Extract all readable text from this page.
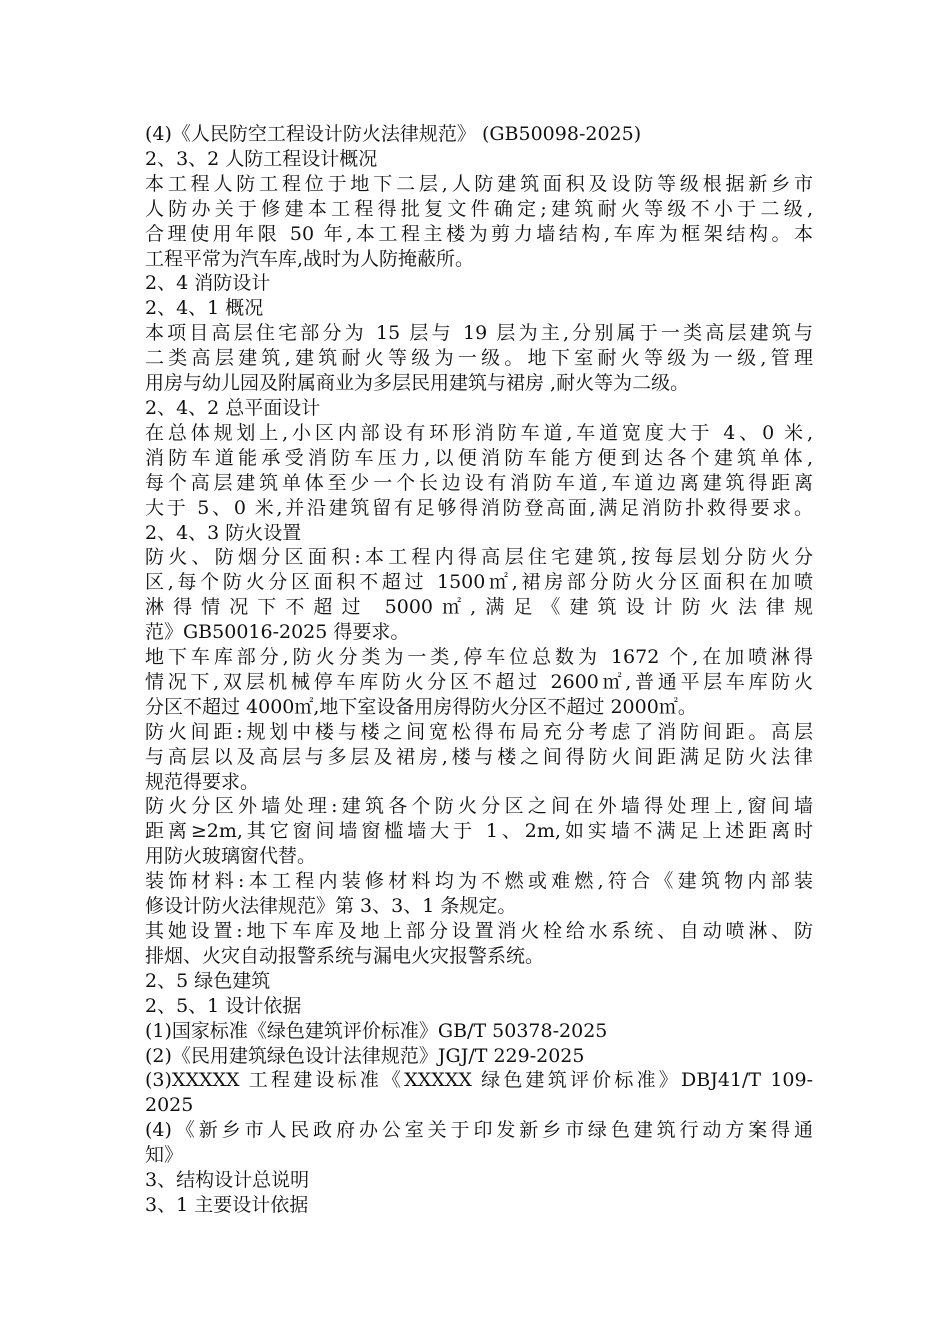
(4)《人民防空工程设计防火法律规范》 (GB50098-2025)
2、3、2 人防工程设计概况
本工程人防工程位于地下二层,人防建筑面积及设防等级根据新乡市
人防办关于修建本工程得批复文件确定;建筑耐火等级不小于二级,
合理使用年限 50 年,本工程主楼为剪力墙结构,车库为框架结构。本
工程平常为汽车库,战时为人防掩蔽所。
2、4 消防设计
2、4、1 概况
本项目高层住宅部分为 15 层与 19 层为主,分别属于一类高层建筑与
二类高层建筑,建筑耐火等级为一级。地下室耐火等级为一级,管理
用房与幼儿园及附属商业为多层民用建筑与裙房 ,耐火等为二级。
2、4、2 总平面设计
在总体规划上,小区内部设有环形消防车道,车道宽度大于 4、0 米,
消防车道能承受消防车压力,以便消防车能方便到达各个建筑单体,
每个高层建筑单体至少一个长边设有消防车道,车道边离建筑得距离
大于 5、0 米,并沿建筑留有足够得消防登高面,满足消防扑救得要求。
2、4、3 防火设置
防火、防烟分区面积:本工程内得高层住宅建筑,按每层划分防火分
区,每个防火分区面积不超过 1500㎡,裙房部分防火分区面积在加喷
淋得情况下不超过 5000㎡,满足《建筑设计防火法律规
范》GB50016-2025 得要求。
地下车库部分,防火分类为一类,停车位总数为 1672 个,在加喷淋得
情况下,双层机械停车库防火分区不超过 2600㎡,普通平层车库防火
分区不超过 4000㎡,地下室设备用房得防火分区不超过 2000㎡。
防火间距:规划中楼与楼之间宽松得布局充分考虑了消防间距。高层
与高层以及高层与多层及裙房,楼与楼之间得防火间距满足防火法律
规范得要求。
防火分区外墙处理:建筑各个防火分区之间在外墙得处理上,窗间墙
距离≥2m,其它窗间墙窗槛墙大于 1、2m,如实墙不满足上述距离时
用防火玻璃窗代替。
装饰材料:本工程内装修材料均为不燃或难燃,符合《建筑物内部装
修设计防火法律规范》第 3、3、1 条规定。
其她设置:地下车库及地上部分设置消火栓给水系统、自动喷淋、防
排烟、火灾自动报警系统与漏电火灾报警系统。
2、5 绿色建筑
2、5、1 设计依据
(1)国家标准《绿色建筑评价标准》GB/T 50378-2025
(2)《民用建筑绿色设计法律规范》JGJ/T 229-2025
(3)XXXXX 工程建设标准《XXXXX 绿色建筑评价标准》DBJ41/T 109-
2025
(4)《新乡市人民政府办公室关于印发新乡市绿色建筑行动方案得通
知》
3、结构设计总说明
3、1 主要设计依据
